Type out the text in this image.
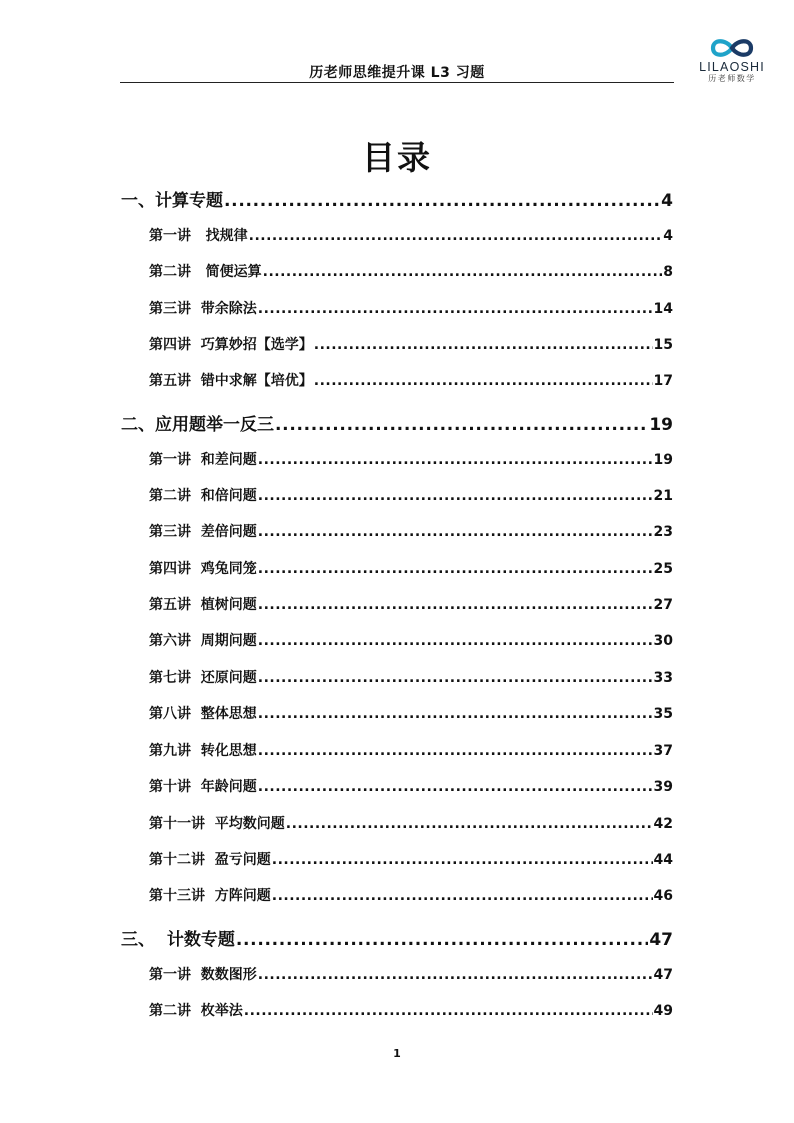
历老师思维提升课 L3 习题	LILAOSHI
历老师数学
目录
一、计算专题 .....	4
第一讲   找规律 .....	4
第二讲   简便运算 .....	8
第三讲  带余除法 .....	14
第四讲  巧算妙招【选学】 .....	15
第五讲  错中求解【培优】 .....	17
二、应用题举一反三 .....	19
第一讲  和差问题 .....	19
第二讲  和倍问题 .....	21
第三讲  差倍问题 .....	23
第四讲  鸡兔同笼 .....	25
第五讲  植树问题 .....	27
第六讲  周期问题 .....	30
第七讲  还原问题 .....	33
第八讲  整体思想 .....	35
第九讲  转化思想 .....	37
第十讲  年龄问题 .....	39
第十一讲  平均数问题 .....	42
第十二讲  盈亏问题 .....	44
第十三讲  方阵问题 .....	46
三、  计数专题 .....	47
第一讲  数数图形 .....	47
第二讲  枚举法 .....	49
1
